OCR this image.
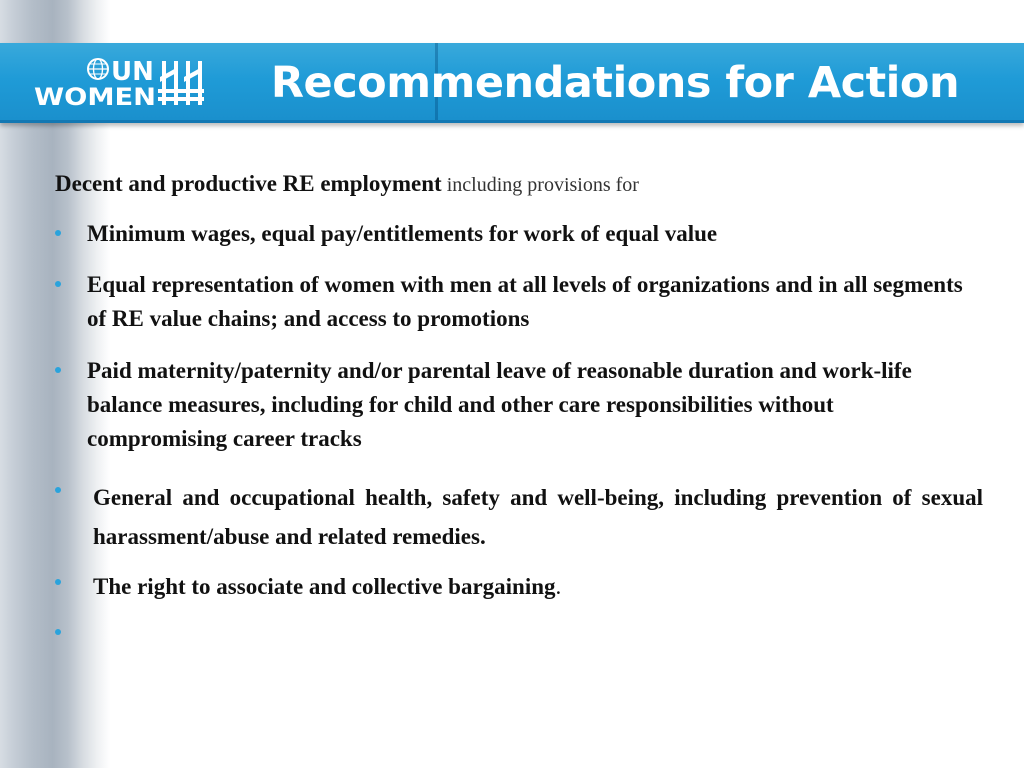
UN
WOMEN	Recommendations for Action
Decent and productive RE employment including provisions for
Minimum wages, equal pay/entitlements for work of equal value
Equal representation of women with men at all levels of organizations and in all segments of RE value chains; and access to promotions
Paid maternity/paternity and/or parental leave of reasonable duration and work-life balance measures, including for child and other care responsibilities without compromising career tracks
General and occupational health, safety and well-being, including prevention of sexual harassment/abuse and related remedies.
The right to associate and collective bargaining.
